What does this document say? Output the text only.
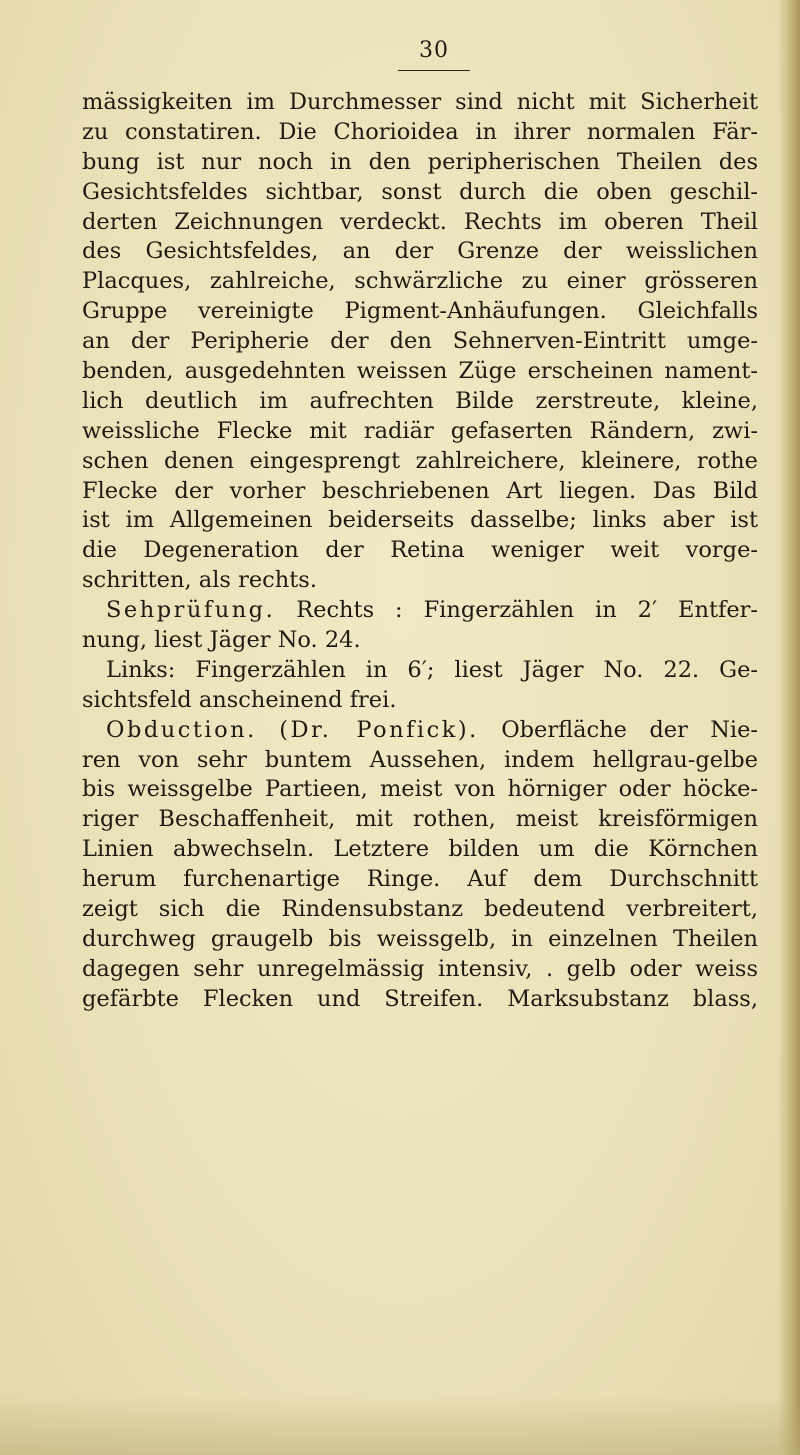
30
mässigkeiten im Durchmesser sind nicht mit Sicherheit
zu constatiren. Die Chorioidea in ihrer normalen Fär-
bung ist nur noch in den peripherischen Theilen des
Gesichtsfeldes sichtbar, sonst durch die oben geschil-
derten Zeichnungen verdeckt. Rechts im oberen Theil
des Gesichtsfeldes, an der Grenze der weisslichen
Placques, zahlreiche, schwärzliche zu einer grösseren
Gruppe vereinigte Pigment-Anhäufungen. Gleichfalls
an der Peripherie der den Sehnerven-Eintritt umge-
benden, ausgedehnten weissen Züge erscheinen nament-
lich deutlich im aufrechten Bilde zerstreute, kleine,
weissliche Flecke mit radiär gefaserten Rändern, zwi-
schen denen eingesprengt zahlreichere, kleinere, rothe
Flecke der vorher beschriebenen Art liegen. Das Bild
ist im Allgemeinen beiderseits dasselbe; links aber ist
die Degeneration der Retina weniger weit vorge-
schritten, als rechts.
Sehprüfung. Rechts : Fingerzählen in 2′ Entfer-
nung, liest Jäger No. 24.
Links: Fingerzählen in 6′; liest Jäger No. 22. Ge-
sichtsfeld anscheinend frei.
Obduction. (Dr. Ponfick). Oberfläche der Nie-
ren von sehr buntem Aussehen, indem hellgrau-gelbe
bis weissgelbe Partieen, meist von hörniger oder höcke-
riger Beschaffenheit, mit rothen, meist kreisförmigen
Linien abwechseln. Letztere bilden um die Körnchen
herum furchenartige Ringe. Auf dem Durchschnitt
zeigt sich die Rindensubstanz bedeutend verbreitert,
durchweg graugelb bis weissgelb, in einzelnen Theilen
dagegen sehr unregelmässig intensiv, . gelb oder weiss
gefärbte Flecken und Streifen. Marksubstanz blass,
